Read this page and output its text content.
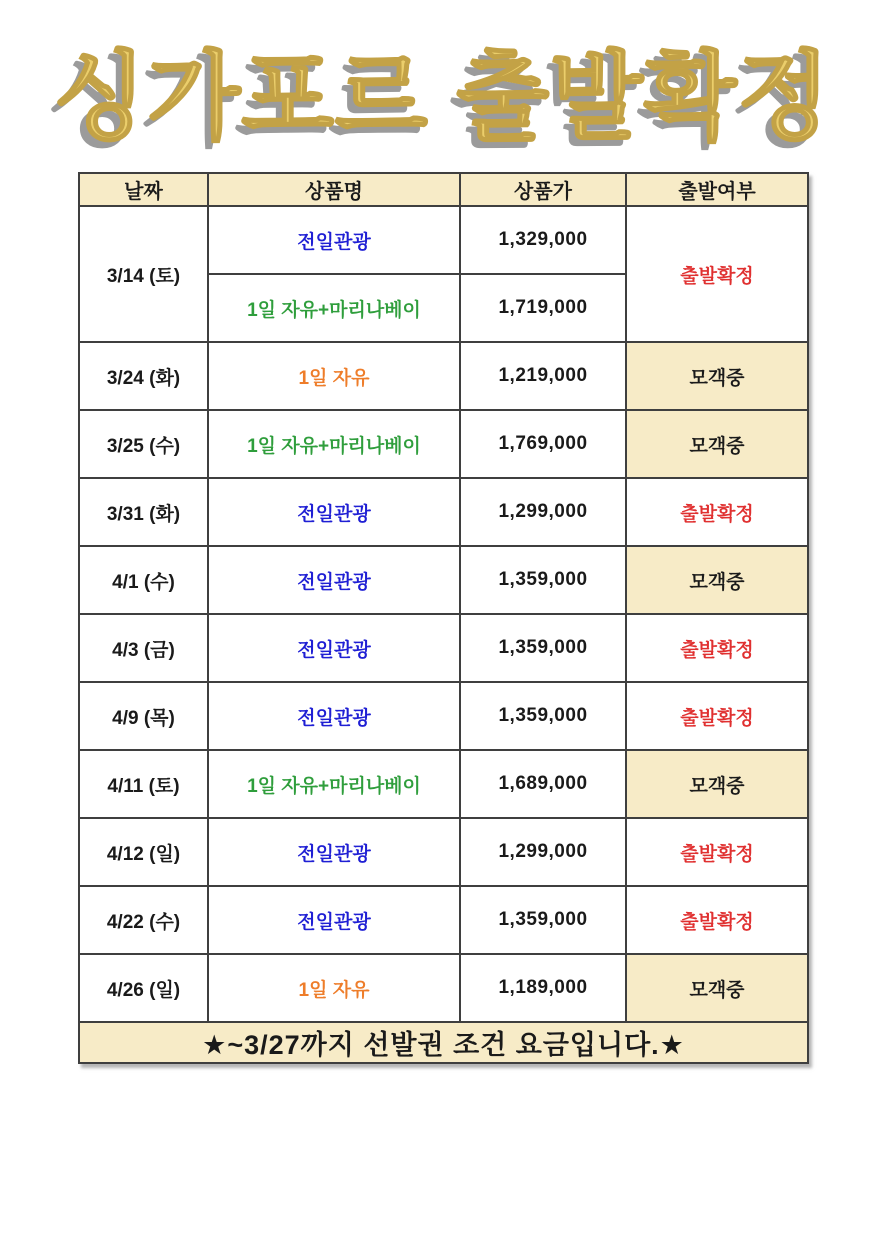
싱가포르 출발확정
날짜	상품명	상품가	출발여부
3/14 (토)	전일관광	1,329,000	출발확정
	1일 자유+마리나베이	1,719,000	
3/24 (화)	1일 자유	1,219,000	모객중
3/25 (수)	1일 자유+마리나베이	1,769,000	모객중
3/31 (화)	전일관광	1,299,000	출발확정
4/1 (수)	전일관광	1,359,000	모객중
4/3 (금)	전일관광	1,359,000	출발확정
4/9 (목)	전일관광	1,359,000	출발확정
4/11 (토)	1일 자유+마리나베이	1,689,000	모객중
4/12 (일)	전일관광	1,299,000	출발확정
4/22 (수)	전일관광	1,359,000	출발확정
4/26 (일)	1일 자유	1,189,000	모객중
★~3/27까지 선발권 조건 요금입니다.★			
